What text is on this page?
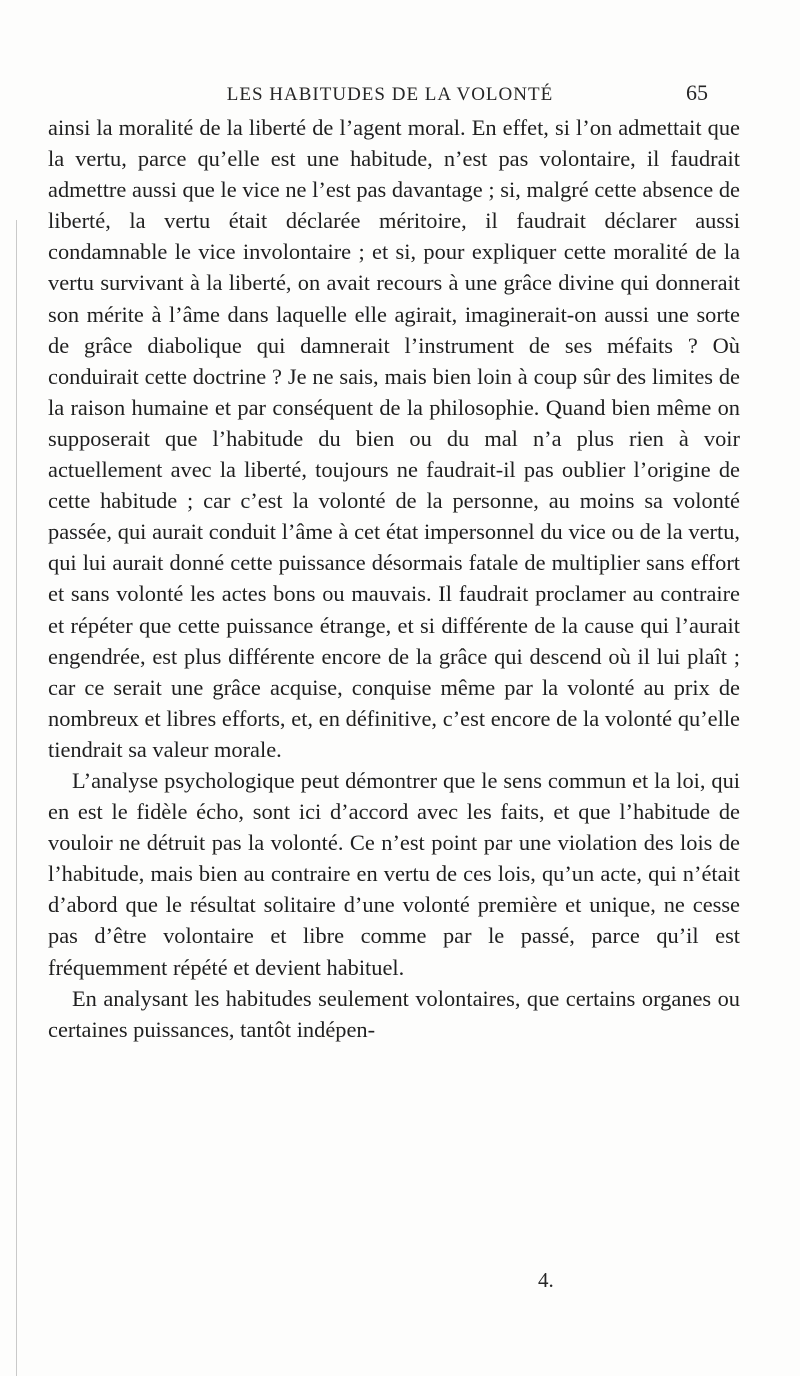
LES HABITUDES DE LA VOLONTÉ	65

ainsi la moralité de la liberté de l’agent moral. En effet, si l’on admettait que la vertu, parce qu’elle est une habitude, n’est pas volontaire, il faudrait admettre aussi que le vice ne l’est pas davantage ; si, malgré cette absence de liberté, la vertu était déclarée méritoire, il faudrait déclarer aussi condamnable le vice involontaire ; et si, pour expliquer cette moralité de la vertu survivant à la liberté, on avait recours à une grâce divine qui donnerait son mérite à l’âme dans laquelle elle agirait, imaginerait-on aussi une sorte de grâce diabolique qui damnerait l’instrument de ses méfaits ? Où conduirait cette doctrine ? Je ne sais, mais bien loin à coup sûr des limites de la raison humaine et par conséquent de la philosophie. Quand bien même on supposerait que l’habitude du bien ou du mal n’a plus rien à voir actuellement avec la liberté, toujours ne faudrait-il pas oublier l’origine de cette habitude ; car c’est la volonté de la personne, au moins sa volonté passée, qui aurait conduit l’âme à cet état impersonnel du vice ou de la vertu, qui lui aurait donné cette puissance désormais fatale de multiplier sans effort et sans volonté les actes bons ou mauvais. Il faudrait proclamer au contraire et répéter que cette puissance étrange, et si différente de la cause qui l’aurait engendrée, est plus différente encore de la grâce qui descend où il lui plaît ; car ce serait une grâce acquise, conquise même par la volonté au prix de nombreux et libres efforts, et, en définitive, c’est encore de la volonté qu’elle tiendrait sa valeur morale.

L’analyse psychologique peut démontrer que le sens commun et la loi, qui en est le fidèle écho, sont ici d’accord avec les faits, et que l’habitude de vouloir ne détruit pas la volonté. Ce n’est point par une violation des lois de l’habitude, mais bien au contraire en vertu de ces lois, qu’un acte, qui n’était d’abord que le résultat solitaire d’une volonté première et unique, ne cesse pas d’être volontaire et libre comme par le passé, parce qu’il est fréquemment répété et devient habituel.

En analysant les habitudes seulement volontaires, que certains organes ou certaines puissances, tantôt indépen-

4.
